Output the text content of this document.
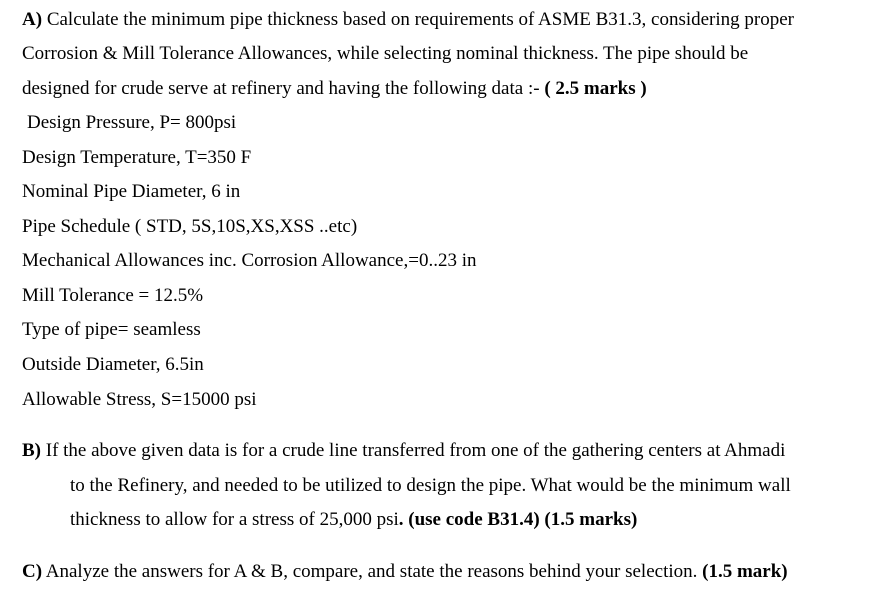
A) Calculate the minimum pipe thickness based on requirements of ASME B31.3, considering proper
Corrosion & Mill Tolerance Allowances, while selecting nominal thickness. The pipe should be
designed for crude serve at refinery and having the following data :- ( 2.5 marks )
Design Pressure, P= 800psi
Design Temperature, T=350 F
Nominal Pipe Diameter, 6 in
Pipe Schedule ( STD, 5S,10S,XS,XSS ..etc)
Mechanical Allowances inc. Corrosion Allowance,=0..23 in
Mill Tolerance = 12.5%
Type of pipe= seamless
Outside Diameter, 6.5in
Allowable Stress, S=15000 psi
B) If the above given data is for a crude line transferred from one of the gathering centers at Ahmadi
to the Refinery, and needed to be utilized to design the pipe. What would be the minimum wall
thickness to allow for a stress of 25,000 psi. (use code B31.4) (1.5 marks)
C) Analyze the answers for A & B, compare, and state the reasons behind your selection. (1.5 mark)
